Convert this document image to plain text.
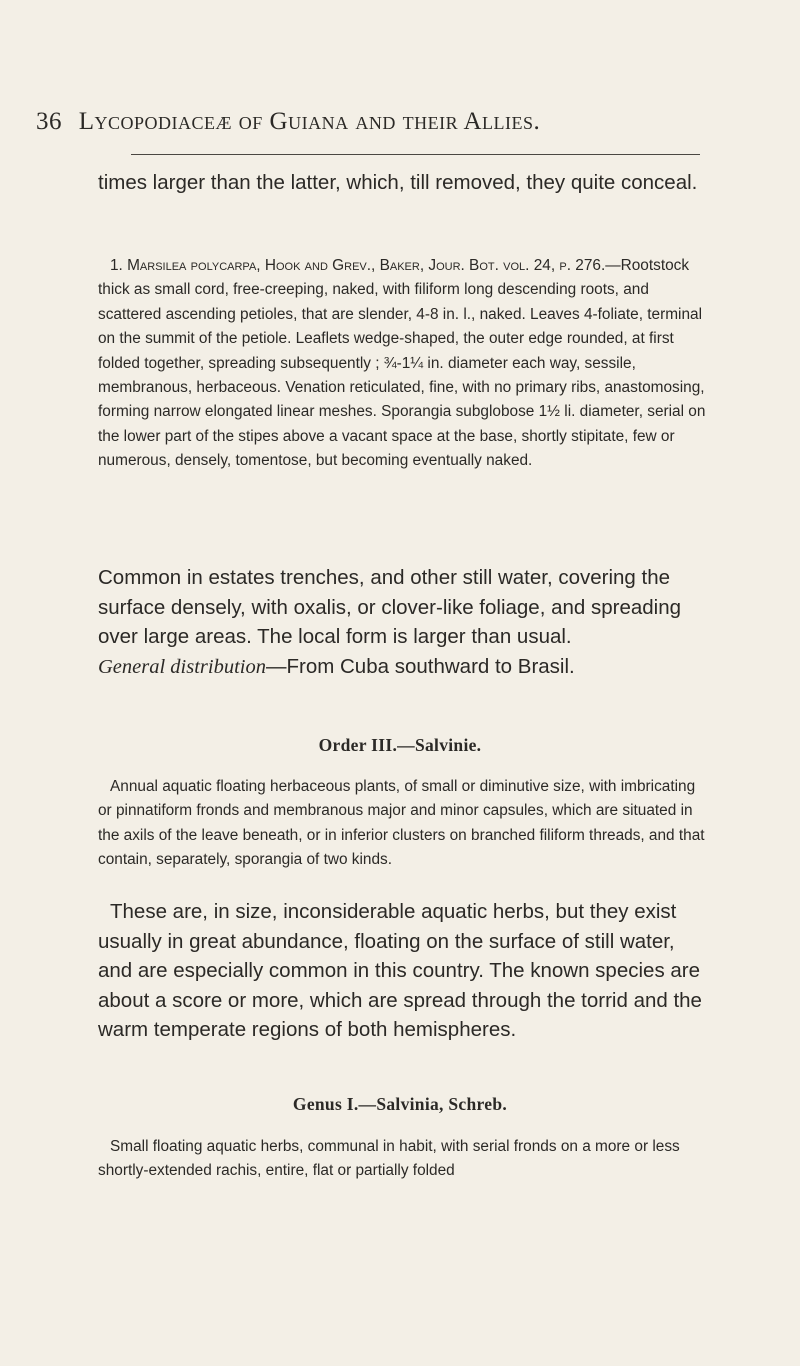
36 Lycopodiaceæ of Guiana and their Allies.

times larger than the latter, which, till removed, they quite conceal.

1. Marsilea polycarpa, Hook and Grev., Baker, Jour. Bot. vol. 24, p. 276.—Rootstock thick as small cord, free-creeping, naked, with filiform long descending roots, and scattered ascending petioles, that are slender, 4-8 in. l., naked. Leaves 4-foliate, terminal on the summit of the petiole. Leaflets wedge-shaped, the outer edge rounded, at first folded together, spreading subsequently ; ¾-1¼ in. diameter each way, sessile, membranous, herbaceous. Venation reticulated, fine, with no primary ribs, anastomosing, forming narrow elongated linear meshes. Sporangia subglobose 1½ li. diameter, serial on the lower part of the stipes above a vacant space at the base, shortly stipitate, few or numerous, densely, tomentose, but becoming eventually naked.

Common in estates trenches, and other still water, covering the surface densely, with oxalis, or clover-like foliage, and spreading over large areas. The local form is larger than usual.

General distribution—From Cuba southward to Brasil.

Order III.—Salvinie.

Annual aquatic floating herbaceous plants, of small or diminutive size, with imbricating or pinnatiform fronds and membranous major and minor capsules, which are situated in the axils of the leave beneath, or in inferior clusters on branched filiform threads, and that contain, separately, sporangia of two kinds.

These are, in size, inconsiderable aquatic herbs, but they exist usually in great abundance, floating on the surface of still water, and are especially common in this country. The known species are about a score or more, which are spread through the torrid and the warm temperate regions of both hemispheres.

Genus I.—Salvinia, Schreb.

Small floating aquatic herbs, communal in habit, with serial fronds on a more or less shortly-extended rachis, entire, flat or partially folded
